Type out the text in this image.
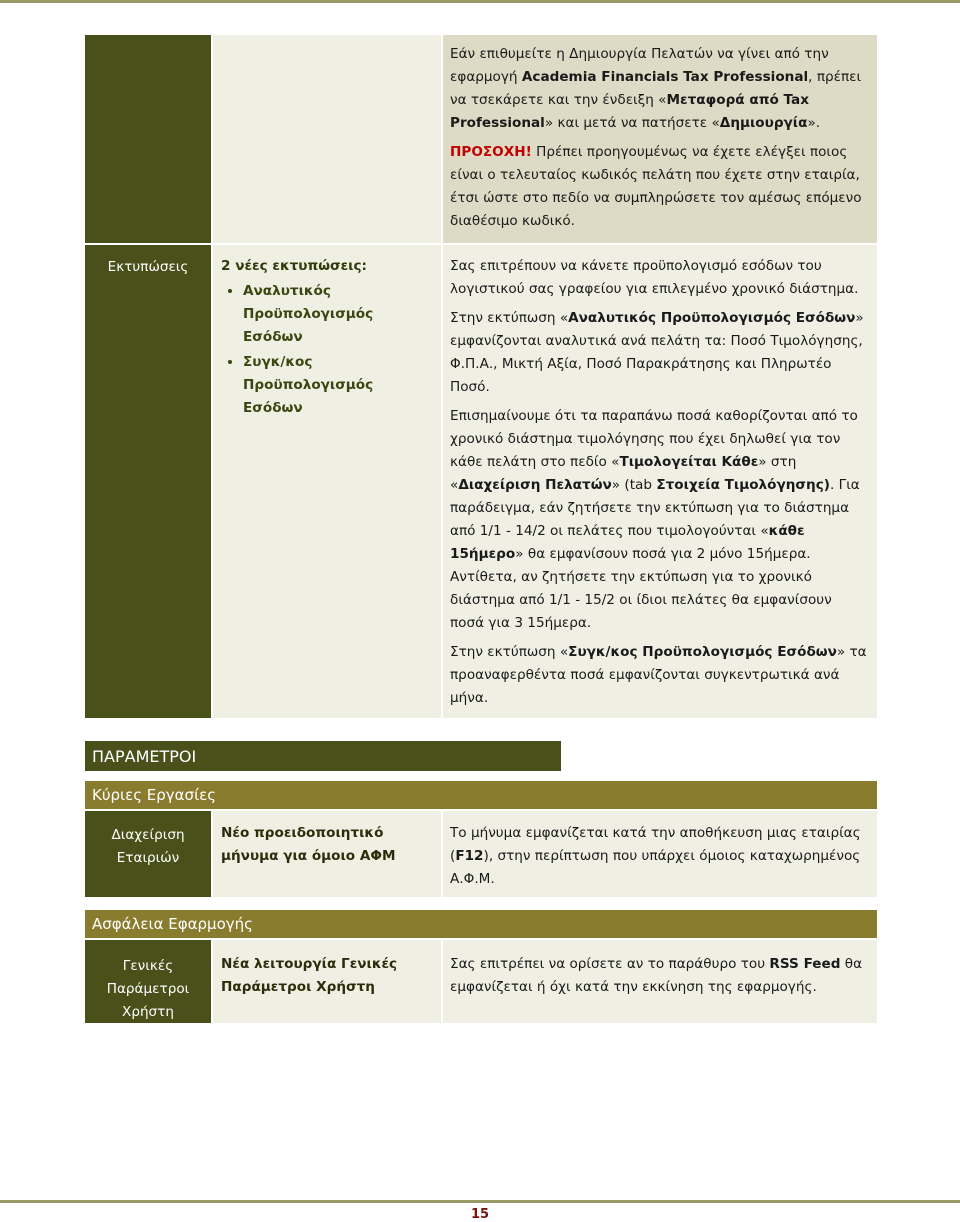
Εάν επιθυμείτε η Δημιουργία Πελατών να γίνει από την εφαρμογή Academia Financials Tax Professional, πρέπει να τσεκάρετε και την ένδειξη «Μεταφορά από Tax Professional» και μετά να πατήσετε «Δημιουργία».

ΠΡΟΣΟΧΗ! Πρέπει προηγουμένως να έχετε ελέγξει ποιος είναι ο τελευταίος κωδικός πελάτη που έχετε στην εταιρία, έτσι ώστε στο πεδίο να συμπληρώσετε τον αμέσως επόμενο διαθέσιμο κωδικό.

Εκτυπώσεις	2 νέες εκτυπώσεις:

• Αναλυτικός Προϋπολογισμός Εσόδων
• Συγκ/κος Προϋπολογισμός Εσόδων

Σας επιτρέπουν να κάνετε προϋπολογισμό εσόδων του λογιστικού σας γραφείου για επιλεγμένο χρονικό διάστημα.

Στην εκτύπωση «Αναλυτικός Προϋπολογισμός Εσόδων» εμφανίζονται αναλυτικά ανά πελάτη τα: Ποσό Τιμολόγησης, Φ.Π.Α., Μικτή Αξία, Ποσό Παρακράτησης και Πληρωτέο Ποσό.

Επισημαίνουμε ότι τα παραπάνω ποσά καθορίζονται από το χρονικό διάστημα τιμολόγησης που έχει δηλωθεί για τον κάθε πελάτη στο πεδίο «Τιμολογείται Κάθε» στη «Διαχείριση Πελατών» (tab Στοιχεία Τιμολόγησης). Για παράδειγμα, εάν ζητήσετε την εκτύπωση για το διάστημα από 1/1 - 14/2 οι πελάτες που τιμολογούνται «κάθε 15ήμερο» θα εμφανίσουν ποσά για 2 μόνο 15ήμερα. Αντίθετα, αν ζητήσετε την εκτύπωση για το χρονικό διάστημα από 1/1 - 15/2 οι ίδιοι πελάτες θα εμφανίσουν ποσά για 3 15ήμερα.

Στην εκτύπωση «Συγκ/κος Προϋπολογισμός Εσόδων» τα προαναφερθέντα ποσά εμφανίζονται συγκεντρωτικά ανά μήνα.

ΠΑΡΑΜΕΤΡΟΙ
Κύριες Εργασίες
Διαχείριση Εταιριών
Νέο προειδοποιητικό μήνυμα για όμοιο ΑΦΜ
Το μήνυμα εμφανίζεται κατά την αποθήκευση μιας εταιρίας (F12), στην περίπτωση που υπάρχει όμοιος καταχωρημένος Α.Φ.Μ.
Ασφάλεια Εφαρμογής
Γενικές Παράμετροι Χρήστη
Νέα λειτουργία Γενικές Παράμετροι Χρήστη
Σας επιτρέπει να ορίσετε αν το παράθυρο του RSS Feed θα εμφανίζεται ή όχι κατά την εκκίνηση της εφαρμογής.
15
